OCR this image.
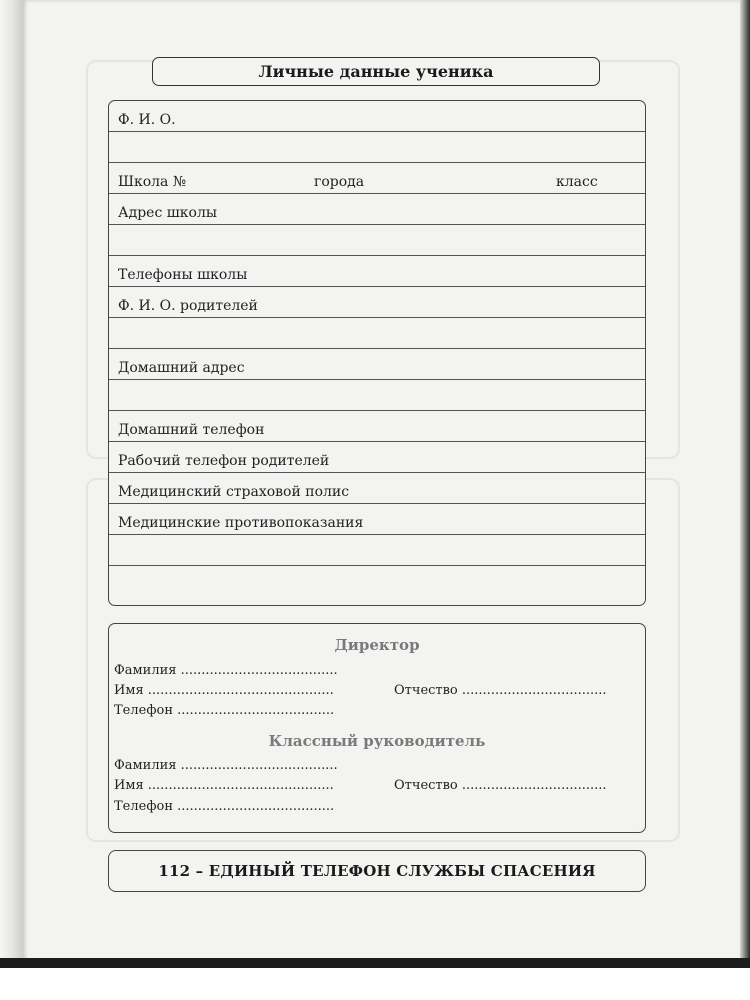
Личные данные ученика
Ф. И. О.
Школа №	города	класс
Адрес школы
Телефоны школы
Ф. И. О. родителей
Домашний адрес
Домашний телефон
Рабочий телефон родителей
Медицинский страховой полис
Медицинские противопоказания
Директор
Фамилия ......................................
Имя .............................................	Отчество ...................................
Телефон ......................................
Классный руководитель
Фамилия ......................................
Имя .............................................	Отчество ...................................
Телефон ......................................
112 – ЕДИНЫЙ ТЕЛЕФОН СЛУЖБЫ СПАСЕНИЯ
